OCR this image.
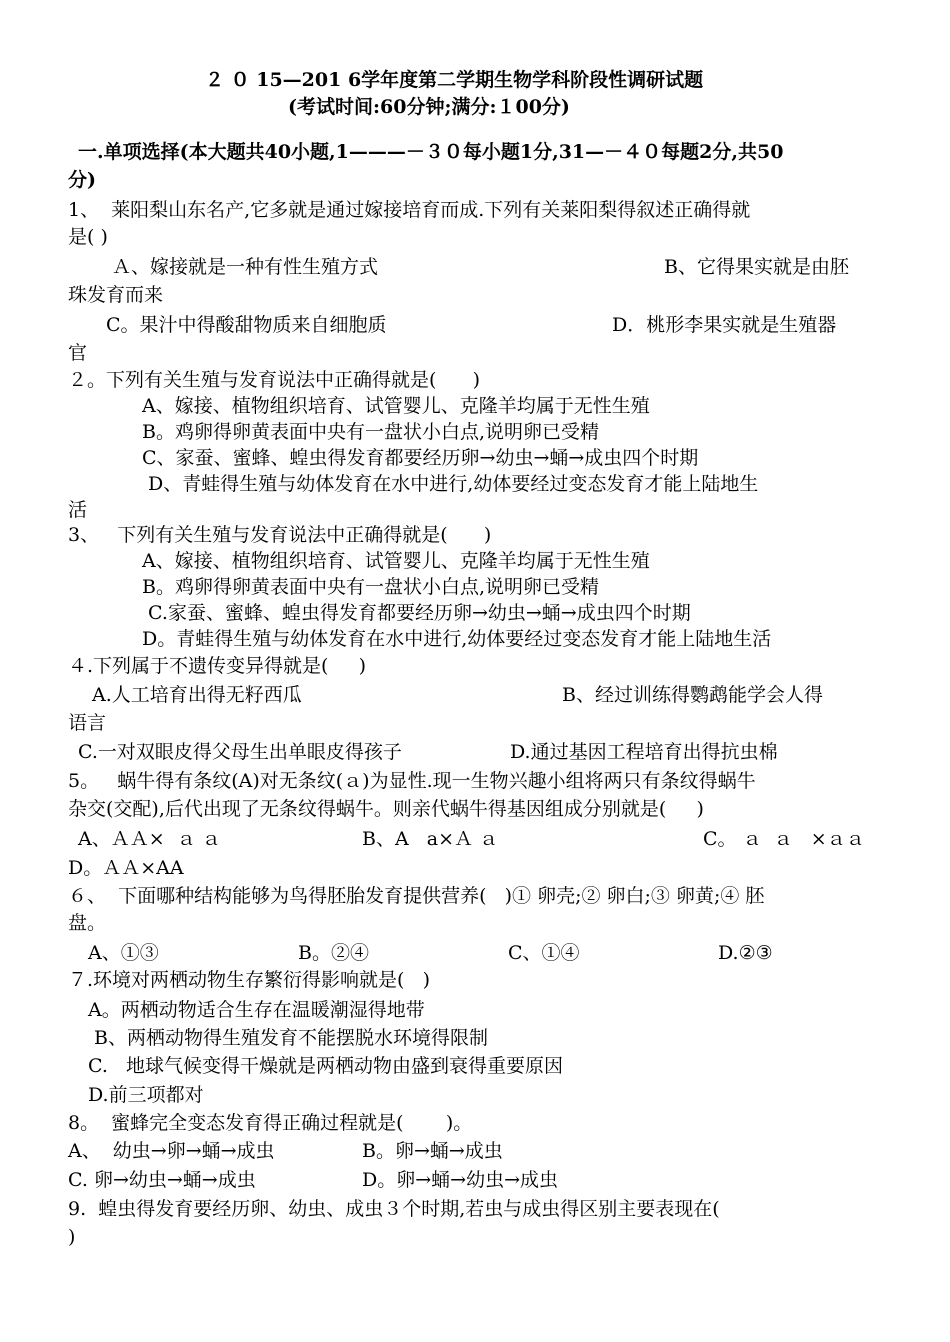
２ ０ 15—201 6学年度第二学期生物学科阶段性调研试题
(考试时间:60分钟;满分:１00分)
一.单项选择(本大题共40小题,1———－３０每小题1分,31—－４０每题2分,共50
分)
1、  莱阳梨山东名产,它多就是通过嫁接培育而成.下列有关莱阳梨得叙述正确得就
是( )
Ａ、嫁接就是一种有性生殖方式	B、它得果实就是由胚
珠发育而来
C。果汁中得酸甜物质来自细胞质	D．桃形李果实就是生殖器
官
２。下列有关生殖与发育说法中正确得就是(      )
A、嫁接、植物组织培育、试管婴儿、克隆羊均属于无性生殖
B。鸡卵得卵黄表面中央有一盘状小白点,说明卵已受精
C、家蚕、蜜蜂、蝗虫得发育都要经历卵→幼虫→蛹→成虫四个时期
D、青蛙得生殖与幼体发育在水中进行,幼体要经过变态发育才能上陆地生
活
3、   下列有关生殖与发育说法中正确得就是(      )
A、嫁接、植物组织培育、试管婴儿、克隆羊均属于无性生殖
B。鸡卵得卵黄表面中央有一盘状小白点,说明卵已受精
C.家蚕、蜜蜂、蝗虫得发育都要经历卵→幼虫→蛹→成虫四个时期
D。青蛙得生殖与幼体发育在水中进行,幼体要经过变态发育才能上陆地生活
４.下列属于不遗传变异得就是(     )
A.人工培育出得无籽西瓜	B、经过训练得鹦鹉能学会人得
语言
C.一对双眼皮得父母生出单眼皮得孩子	D.通过基因工程培育出得抗虫棉
5。   蜗牛得有条纹(A)对无条纹(ａ)为显性.现一生物兴趣小组将两只有条纹得蜗牛
杂交(交配),后代出现了无条纹得蜗牛。则亲代蜗牛得基因组成分别就是(     )
A、ＡＡ×  ａ ａ	B、A   a×Ａ ａ	C。 ａ  ａ   ×ａａ
D。ＡＡ×AA
６、  下面哪种结构能够为鸟得胚胎发育提供营养(   )① 卵壳;② 卵白;③ 卵黄;④ 胚
盘。
A、①③	B。②④	C、①④	D.②③
７.环境对两栖动物生存繁衍得影响就是(   )
A。两栖动物适合生存在温暖潮湿得地带
B、两栖动物得生殖发育不能摆脱水环境得限制
C.   地球气候变得干燥就是两栖动物由盛到衰得重要原因
D.前三项都对
8。  蜜蜂完全变态发育得正确过程就是(       )。
A、  幼虫→卵→蛹→成虫	B。卵→蛹→成虫
C. 卵→幼虫→蛹→成虫	D。卵→蛹→幼虫→成虫
9.  蝗虫得发育要经历卵、幼虫、成虫３个时期,若虫与成虫得区别主要表现在(
)
